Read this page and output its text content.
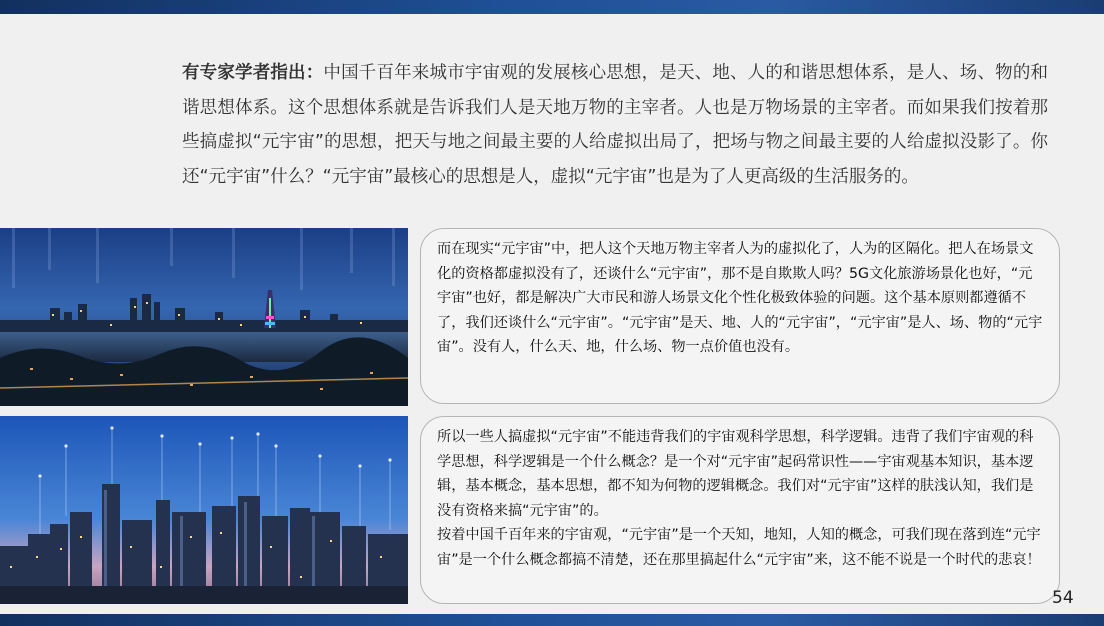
有专家学者指出：中国千百年来城市宇宙观的发展核心思想，是天、地、人的和谐思想体系，是人、场、物的和谐思想体系。这个思想体系就是告诉我们人是天地万物的主宰者。人也是万物场景的主宰者。而如果我们按着那些搞虚拟“元宇宙”的思想，把天与地之间最主要的人给虚拟出局了，把场与物之间最主要的人给虚拟没影了。你还“元宇宙”什么？“元宇宙”最核心的思想是人，虚拟“元宇宙”也是为了人更高级的生活服务的。
而在现实“元宇宙”中，把人这个天地万物主宰者人为的虚拟化了，人为的区隔化。把人在场景文化的资格都虚拟没有了，还谈什么“元宇宙”，那不是自欺欺人吗？5G文化旅游场景化也好，“元宇宙”也好，都是解决广大市民和游人场景文化个性化极致体验的问题。这个基本原则都遵循不了，我们还谈什么“元宇宙”。“元宇宙”是天、地、人的“元宇宙”，“元宇宙”是人、场、物的“元宇宙”。没有人，什么天、地，什么场、物一点价值也没有。
所以一些人搞虚拟“元宇宙”不能违背我们的宇宙观科学思想，科学逻辑。违背了我们宇宙观的科学思想，科学逻辑是一个什么概念？是一个对“元宇宙”起码常识性——宇宙观基本知识，基本逻辑，基本概念，基本思想，都不知为何物的逻辑概念。我们对“元宇宙”这样的肤浅认知，我们是没有资格来搞“元宇宙”的。
按着中国千百年来的宇宙观，“元宇宙”是一个天知，地知，人知的概念，可我们现在落到连“元宇宙”是一个什么概念都搞不清楚，还在那里搞起什么“元宇宙”来，这不能不说是一个时代的悲哀！
54
